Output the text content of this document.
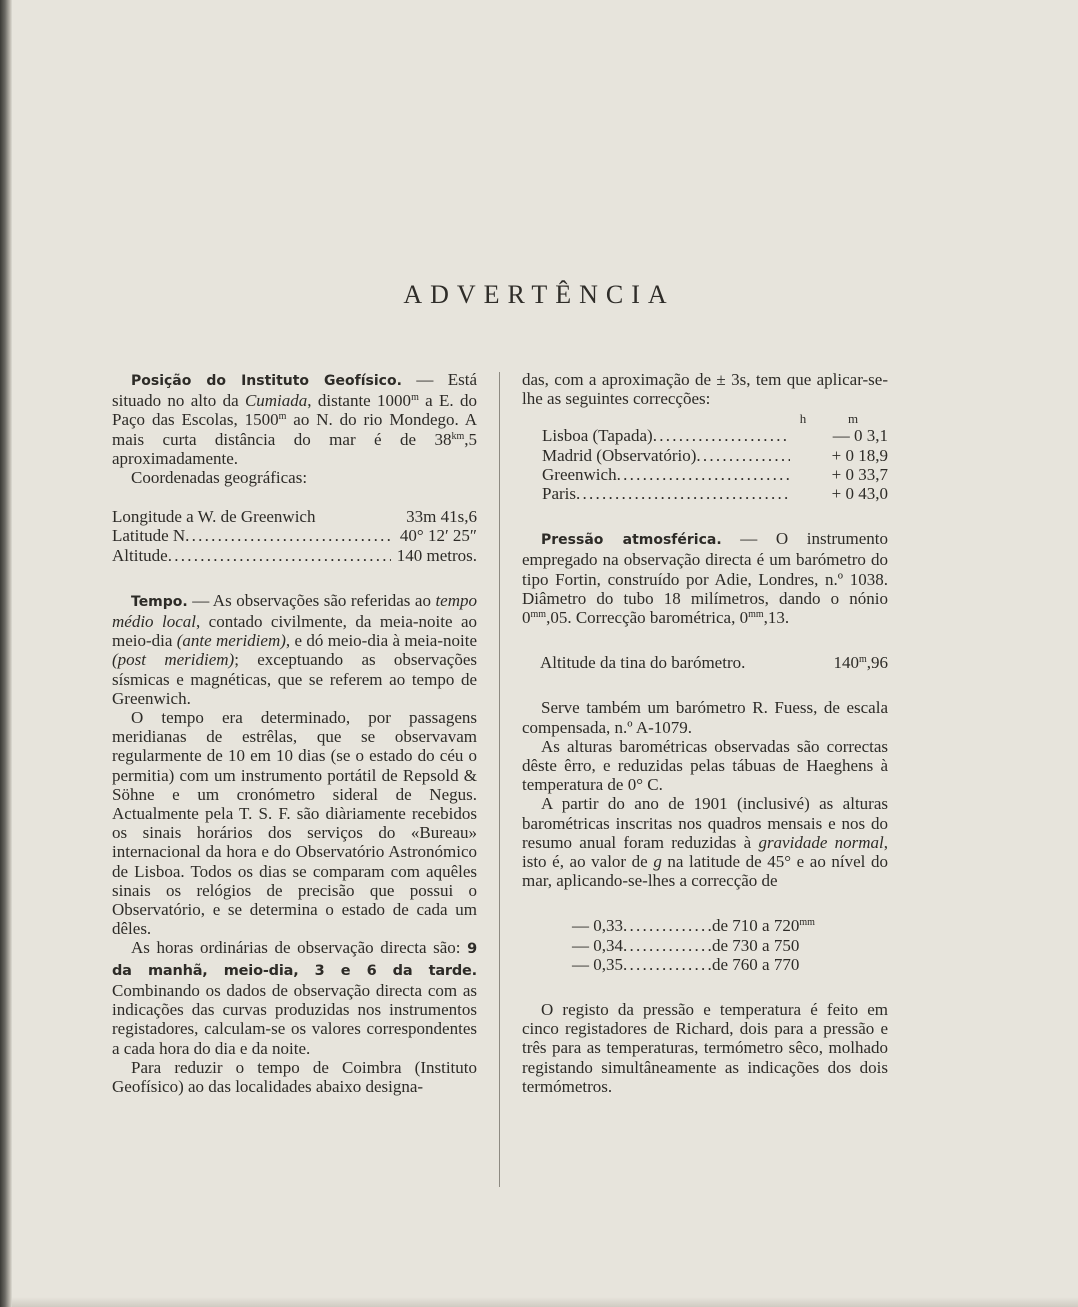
ADVERTÊNCIA

Posição do Instituto Geofísico. — Está situado no alto da Cumiada, distante 1000$^m$ a E. do Paço das Escolas, 1500$^m$ ao N. do rio Mondego. A mais curta distância do mar é de $38^{km},5$ aproximadamente.

Coordenadas geográficas:

Longitude a W. de Greenwich	33m 41s,6
Latitude N . . .	40° 12′ 25″
Altitude . . .	140 metros.

Tempo. — As observações são referidas ao tempo médio local, contado civilmente, da meia-noite ao meio-dia (ante meridiem), e dó meio-dia à meia-noite (post meridiem); exceptuando as observações sísmicas e magnéticas, que se referem ao tempo de Greenwich.

O tempo era determinado, por passagens meridianas de estrêlas, que se observavam regularmente de 10 em 10 dias (se o estado do céu o permitia) com um instrumento portátil de Repsold & Söhne e um cronómetro sideral de Negus. Actualmente pela T. S. F. são diàriamente recebidos os sinais horários dos serviços do «Bureau» internacional da hora e do Observatório Astronómico de Lisboa. Todos os dias se comparam com aquêles sinais os relógios de precisão que possui o Observatório, e se determina o estado de cada um dêles.

As horas ordinárias de observação directa são: 9 da manhã, meio-dia, 3 e 6 da tarde. Combinando os dados de observação directa com as indicações das curvas produzidas nos instrumentos registadores, calculam-se os valores correspondentes a cada hora do dia e da noite.

Para reduzir o tempo de Coimbra (Instituto Geofísico) ao das localidades abaixo designa-

das, com a aproximação de ± 3s, tem que aplicar-se-lhe as seguintes correcções:

h	m
Lisboa (Tapada) . . .	— 0 3,1
Madrid (Observatório) . . .	+ 0 18,9
Greenwich . . .	+ 0 33,7
Paris . . .	+ 0 43,0

Pressão atmosférica. — O instrumento empregado na observação directa é um barómetro do tipo Fortin, construído por Adie, Londres, n.º 1038. Diâmetro do tubo 18 milímetros, dando o nónio $0^{mm},05$. Correcção barométrica, $0^{mm},13$.

Altitude da tina do barómetro.	140$^m$,96

Serve também um barómetro R. Fuess, de escala compensada, n.º A-1079.

As alturas barométricas observadas são correctas dêste êrro, e reduzidas pelas tábuas de Haeghens à temperatura de 0° C.

A partir do ano de 1901 (inclusivé) as alturas barométricas inscritas nos quadros mensais e nos do resumo anual foram reduzidas à gravidade normal, isto é, ao valor de g na latitude de 45° e ao nível do mar, aplicando-se-lhes a correcção de

— 0,33 . . .	de 710 a $720^{mm}$
— 0,34 . . .	de 730 a 750
— 0,35 . . .	de 760 a 770

O registo da pressão e temperatura é feito em cinco registadores de Richard, dois para a pressão e três para as temperaturas, termómetro sêco, molhado registando simultâneamente as indicações dos dois termómetros.
